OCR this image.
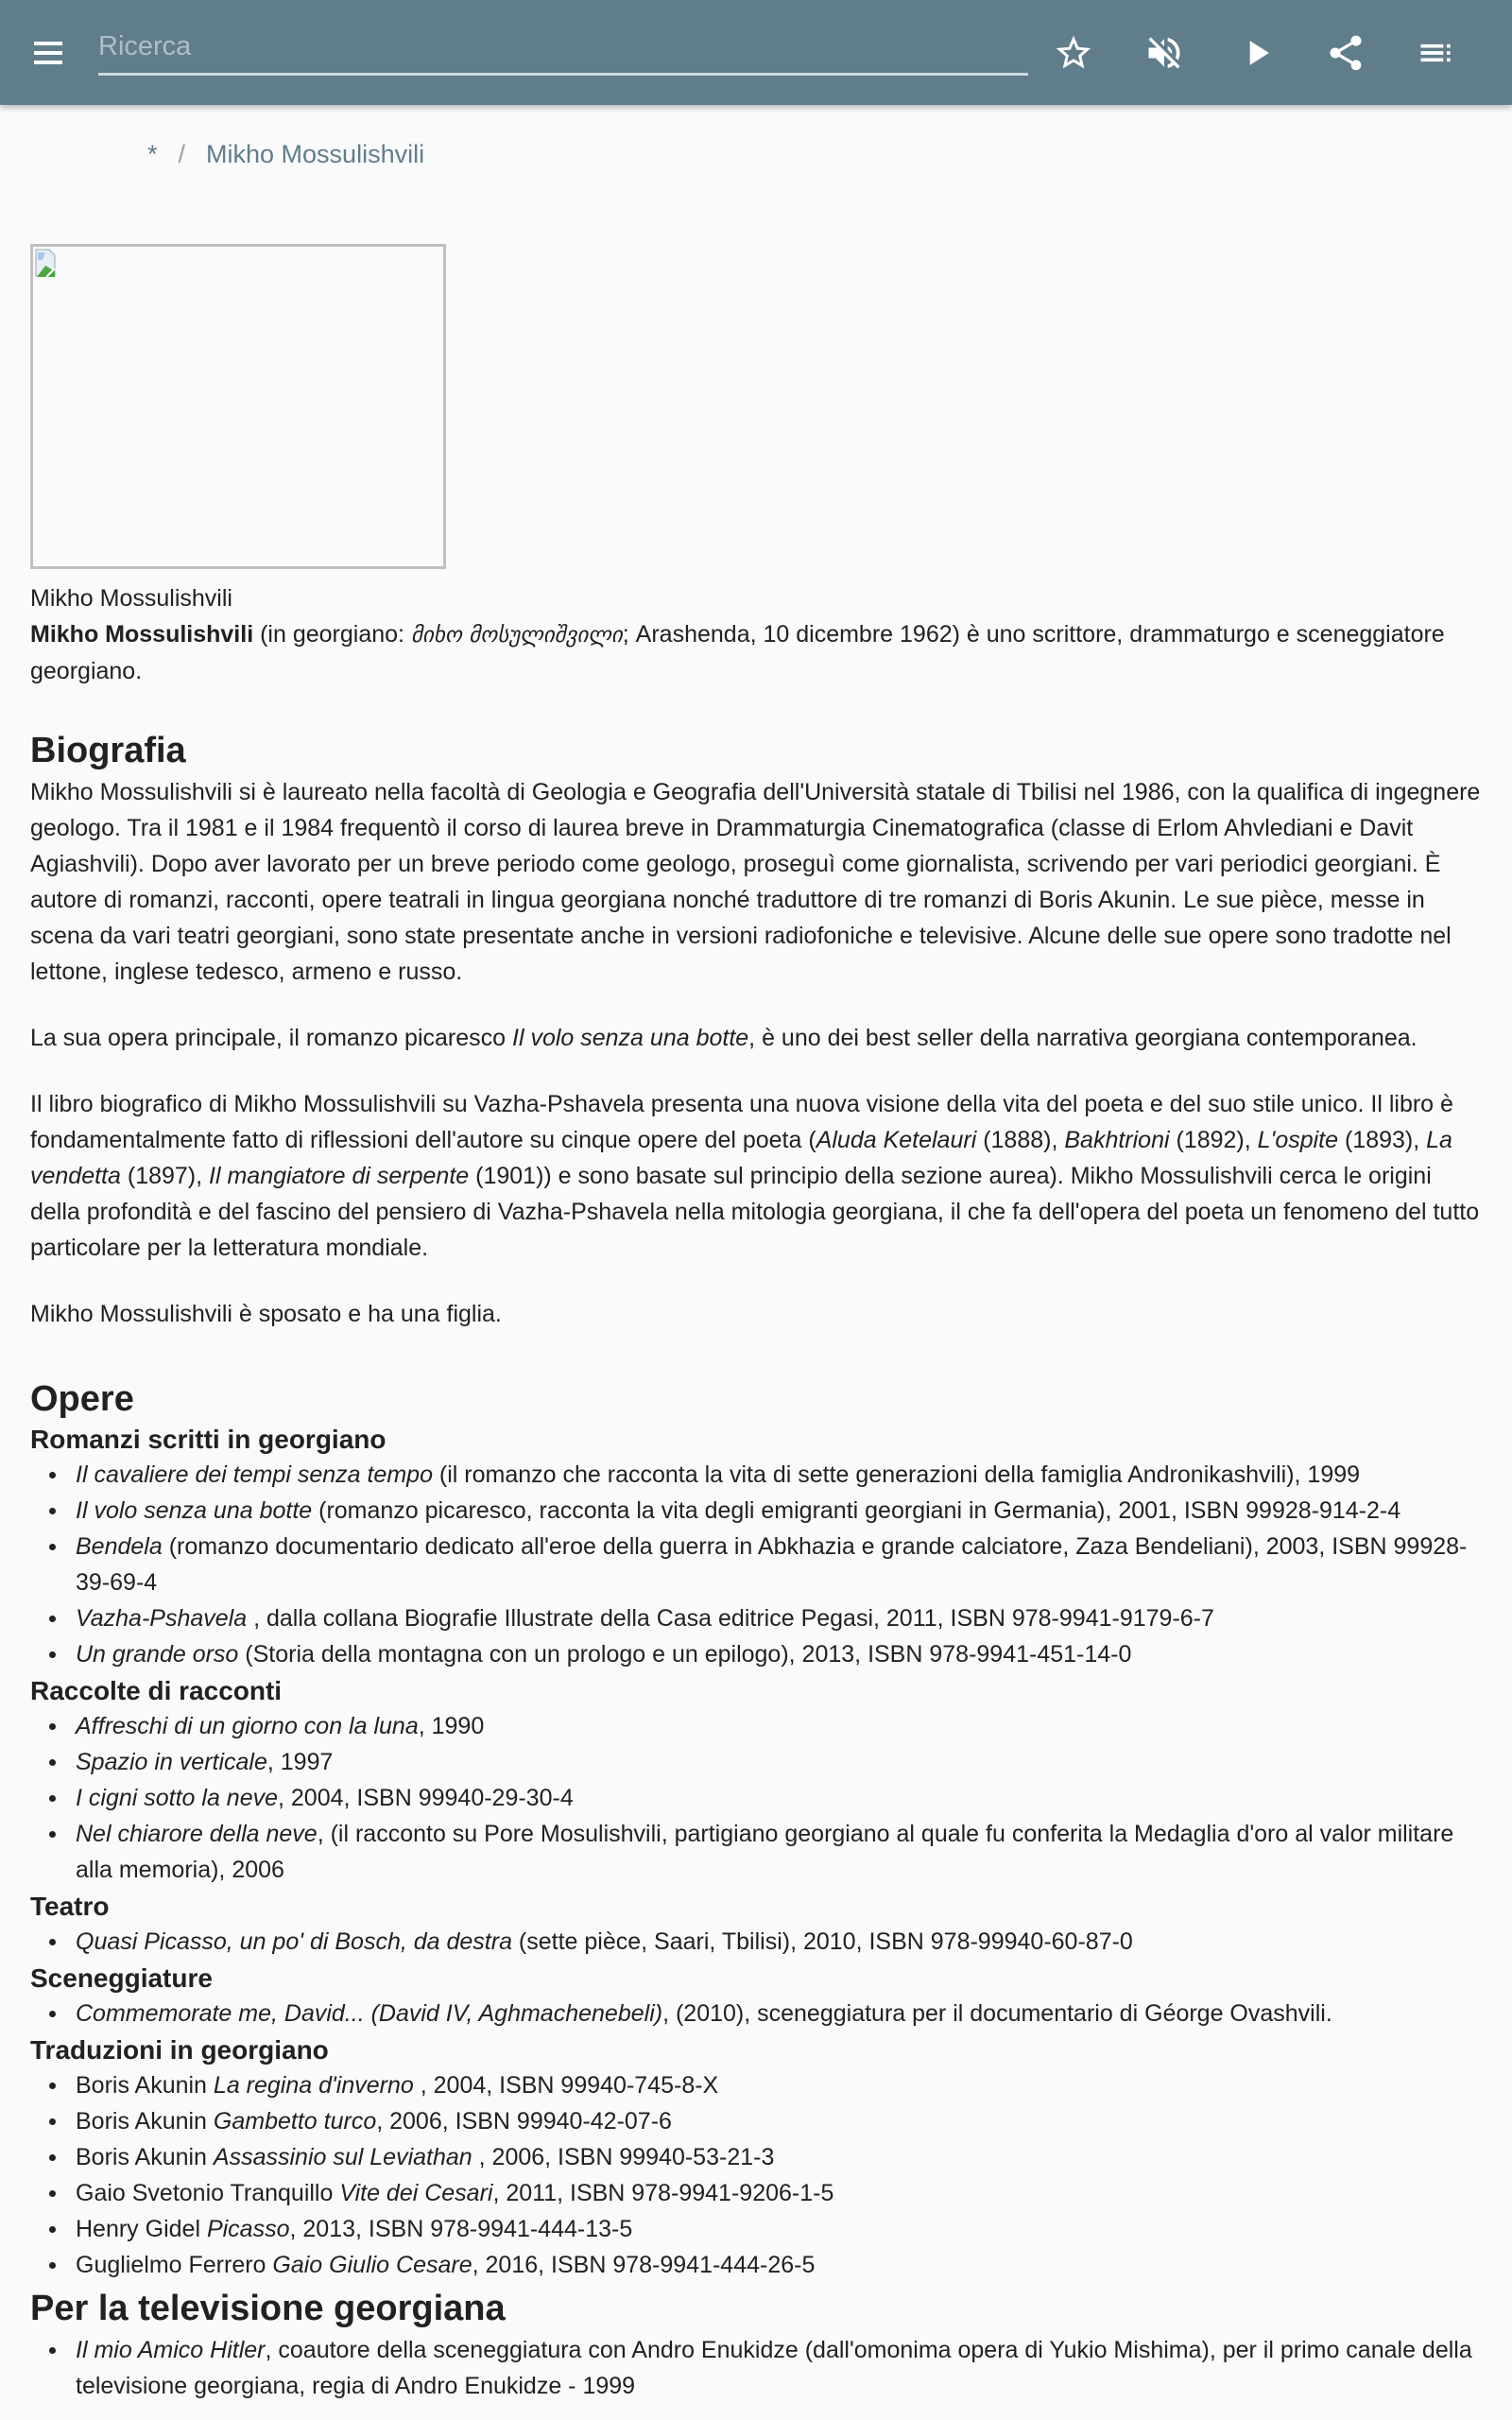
Ricerca
* / Mikho Mossulishvili
Mikho Mossulishvili

Mikho Mossulishvili (in georgiano: მიხო მოსულიშვილი; Arashenda, 10 dicembre 1962) è uno scrittore, drammaturgo e sceneggiatore georgiano.

Biografia

Mikho Mossulishvili si è laureato nella facoltà di Geologia e Geografia dell'Università statale di Tbilisi nel 1986, con la qualifica di ingegnere geologo. Tra il 1981 e il 1984 frequentò il corso di laurea breve in Drammaturgia Cinematografica (classe di Erlom Ahvlediani e Davit Agiashvili). Dopo aver lavorato per un breve periodo come geologo, proseguì come giornalista, scrivendo per vari periodici georgiani. È autore di romanzi, racconti, opere teatrali in lingua georgiana nonché traduttore di tre romanzi di Boris Akunin. Le sue pièce, messe in scena da vari teatri georgiani, sono state presentate anche in versioni radiofoniche e televisive. Alcune delle sue opere sono tradotte nel lettone, inglese tedesco, armeno e russo.

La sua opera principale, il romanzo picaresco Il volo senza una botte, è uno dei best seller della narrativa georgiana contemporanea.

Il libro biografico di Mikho Mossulishvili su Vazha-Pshavela presenta una nuova visione della vita del poeta e del suo stile unico. Il libro è fondamentalmente fatto di riflessioni dell'autore su cinque opere del poeta (Aluda Ketelauri (1888), Bakhtrioni (1892), L'ospite (1893), La vendetta (1897), Il mangiatore di serpente (1901)) e sono basate sul principio della sezione aurea). Mikho Mossulishvili cerca le origini della profondità e del fascino del pensiero di Vazha-Pshavela nella mitologia georgiana, il che fa dell'opera del poeta un fenomeno del tutto particolare per la letteratura mondiale.

Mikho Mossulishvili è sposato e ha una figlia.

Opere
Romanzi scritti in georgiano
Il cavaliere dei tempi senza tempo (il romanzo che racconta la vita di sette generazioni della famiglia Andronikashvili), 1999
Il volo senza una botte (romanzo picaresco, racconta la vita degli emigranti georgiani in Germania), 2001, ISBN 99928-914-2-4
Bendela (romanzo documentario dedicato all'eroe della guerra in Abkhazia e grande calciatore, Zaza Bendeliani), 2003, ISBN 99928-39-69-4
Vazha-Pshavela , dalla collana Biografie Illustrate della Casa editrice Pegasi, 2011, ISBN 978-9941-9179-6-7
Un grande orso (Storia della montagna con un prologo e un epilogo), 2013, ISBN 978-9941-451-14-0
Raccolte di racconti
Affreschi di un giorno con la luna, 1990
Spazio in verticale, 1997
I cigni sotto la neve, 2004, ISBN 99940-29-30-4
Nel chiarore della neve, (il racconto su Pore Mosulishvili, partigiano georgiano al quale fu conferita la Medaglia d'oro al valor militare alla memoria), 2006
Teatro
Quasi Picasso, un po' di Bosch, da destra (sette pièce, Saari, Tbilisi), 2010, ISBN 978-99940-60-87-0
Sceneggiature
Commemorate me, David... (David IV, Aghmachenebeli), (2010), sceneggiatura per il documentario di Géorge Ovashvili.
Traduzioni in georgiano
Boris Akunin La regina d'inverno , 2004, ISBN 99940-745-8-X
Boris Akunin Gambetto turco, 2006, ISBN 99940-42-07-6
Boris Akunin Assassinio sul Leviathan , 2006, ISBN 99940-53-21-3
Gaio Svetonio Tranquillo Vite dei Cesari, 2011, ISBN 978-9941-9206-1-5
Henry Gidel Picasso, 2013, ISBN 978-9941-444-13-5
Guglielmo Ferrero Gaio Giulio Cesare, 2016, ISBN 978-9941-444-26-5
Per la televisione georgiana
Il mio Amico Hitler, coautore della sceneggiatura con Andro Enukidze (dall'omonima opera di Yukio Mishima), per il primo canale della televisione georgiana, regia di Andro Enukidze - 1999
